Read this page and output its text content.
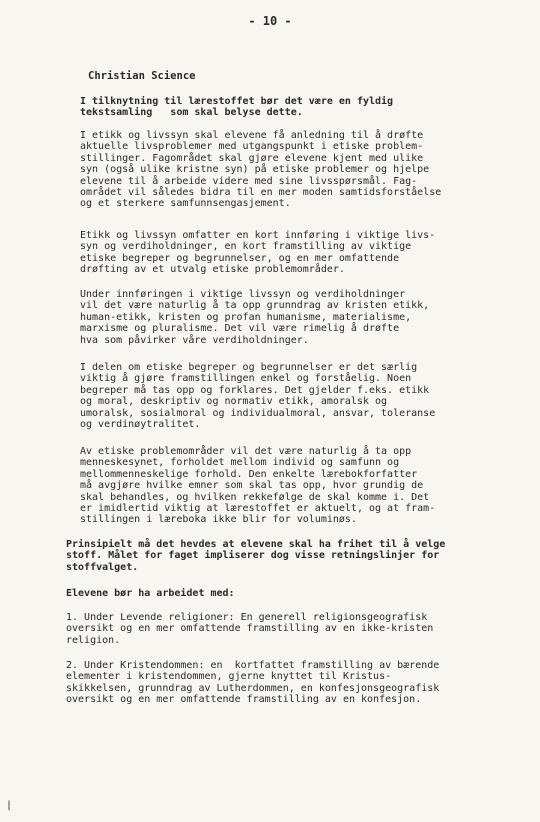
- 10 -
Christian Science

I tilknytning til lærestoffet bør det være en fyldig
tekstsamling   som skal belyse dette.

I etikk og livssyn skal elevene få anledning til å drøfte
aktuelle livsproblemer med utgangspunkt i etiske problem-
stillinger. Fagområdet skal gjøre elevene kjent med ulike
syn (også ulike kristne syn) på etiske problemer og hjelpe
elevene til å arbeide videre med sine livsspørsmål. Fag-
området vil således bidra til en mer moden samtidsforståelse
og et sterkere samfunnsengasjement.

Etikk og livssyn omfatter en kort innføring i viktige livs-
syn og verdiholdninger, en kort framstilling av viktige
etiske begreper og begrunnelser, og en mer omfattende
drøfting av et utvalg etiske problemområder.

Under innføringen i viktige livssyn og verdiholdninger
vil det være naturlig å ta opp grunndrag av kristen etikk,
human-etikk, kristen og profan humanisme, materialisme,
marxisme og pluralisme. Det vil være rimelig å drøfte
hva som påvirker våre verdiholdninger.

I delen om etiske begreper og begrunnelser er det særlig
viktig å gjøre framstillingen enkel og forståelig. Noen
begreper må tas opp og forklares. Det gjelder f.eks. etikk
og moral, deskriptiv og normativ etikk, amoralsk og
umoralsk, sosialmoral og individualmoral, ansvar, toleranse
og verdinøytralitet.

Av etiske problemområder vil det være naturlig å ta opp
menneskesynet, forholdet mellom individ og samfunn og
mellommenneskelige forhold. Den enkelte lærebokforfatter
må avgjøre hvilke emner som skal tas opp, hvor grundig de
skal behandles, og hvilken rekkefølge de skal komme i. Det
er imidlertid viktig at lærestoffet er aktuelt, og at fram-
stillingen i læreboka ikke blir for voluminøs.

Prinsipielt må det hevdes at elevene skal ha frihet til å velge
stoff. Målet for faget impliserer dog visse retningslinjer for
stoffvalget.

Elevene bør ha arbeidet med:

1. Under Levende religioner: En generell religionsgeografisk
oversikt og en mer omfattende framstilling av en ikke-kristen
religion.

2. Under Kristendommen: en  kortfattet framstilling av bærende
elementer i kristendommen, gjerne knyttet til Kristus-
skikkelsen, grunndrag av Lutherdommen, en konfesjonsgeografisk
oversikt og en mer omfattende framstilling av en konfesjon.

|
